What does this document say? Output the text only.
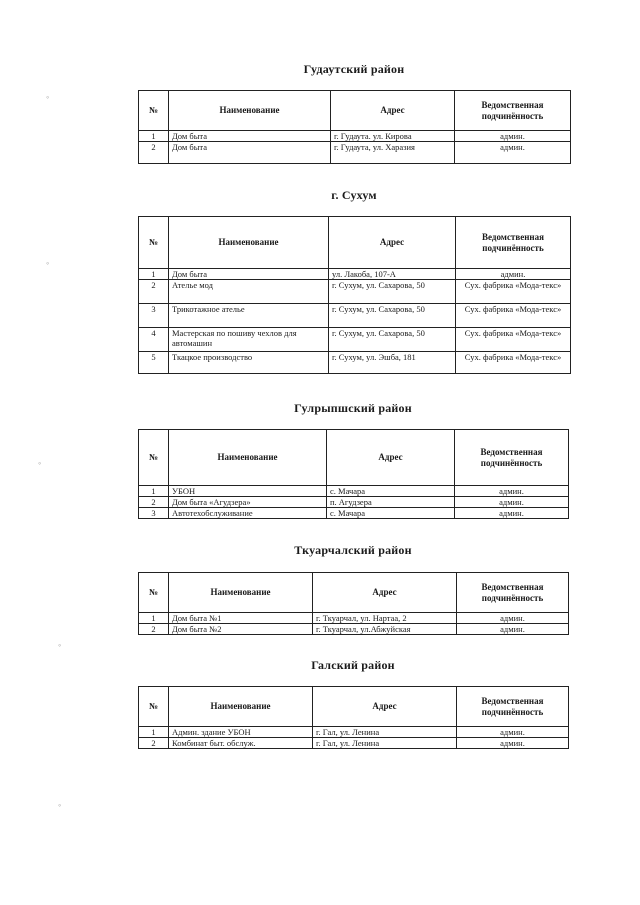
◦
◦
◦
◦
◦
Гудаутский район
№	Наименование	Адрес	Ведомственная подчинённость
1	Дом быта	г. Гудаута. ул. Кирова	админ.
2	Дом быта	г. Гудаута, ул. Харазия	админ.
г. Сухум
№	Наименование	Адрес	Ведомственная подчинённость
1	Дом быта	ул. Лакоба, 107-А	админ.
2	Ателье мод	г. Сухум, ул. Сахарова, 50	Сух. фабрика «Мода-текс»
3	Трикотажное ателье	г. Сухум, ул. Сахарова, 50	Сух. фабрика «Мода-текс»
4	Мастерская по пошиву чехлов для автомашин	г. Сухум, ул. Сахарова, 50	Сух. фабрика «Мода-текс»
5	Ткацкое производство	г. Сухум, ул. Эшба, 181	Сух. фабрика «Мода-текс»
Гулрыпшский район
№	Наименование	Адрес	Ведомственная подчинённость
1	УБОН	с. Мачара	админ.
2	Дом быта «Агудзера»	п. Агудзера	админ.
3	Автотехобслуживание	с. Мачара	админ.
Ткуарчалский район
№	Наименование	Адрес	Ведомственная подчинённость
1	Дом быта №1	г. Ткуарчал, ул. Нартаа, 2	админ.
2	Дом быта №2	г. Ткуарчал, ул.Абжуйская	админ.
Галский район
№	Наименование	Адрес	Ведомственная подчинённость
1	Админ. здание УБОН	г. Гал, ул. Ленина	админ.
2	Комбинат быт. обслуж.	г. Гал, ул. Ленина	админ.
